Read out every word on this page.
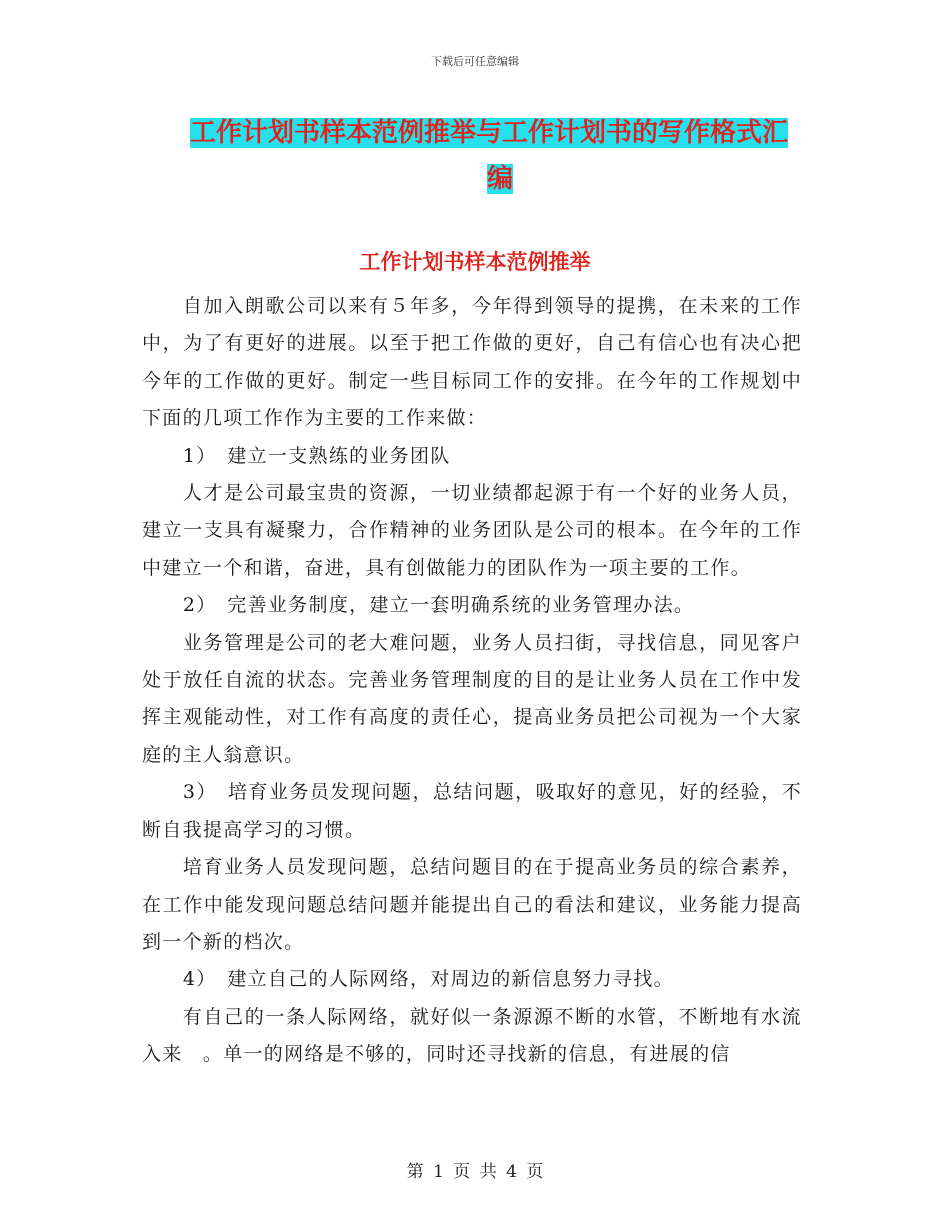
下载后可任意编辑
工作计划书样本范例推举与工作计划书的写作格式汇
编
工作计划书样本范例推举

自加入朗歌公司以来有５年多，今年得到领导的提携，在未来的工作中，为了有更好的进展。以至于把工作做的更好，自己有信心也有决心把今年的工作做的更好。制定一些目标同工作的安排。在今年的工作规划中下面的几项工作作为主要的工作来做：

1）　建立一支熟练的业务团队

人才是公司最宝贵的资源，一切业绩都起源于有一个好的业务人员，建立一支具有凝聚力，合作精神的业务团队是公司的根本。在今年的工作中建立一个和谐，奋进，具有创做能力的团队作为一项主要的工作。

2）　完善业务制度，建立一套明确系统的业务管理办法。

业务管理是公司的老大难问题，业务人员扫街，寻找信息，同见客户处于放任自流的状态。完善业务管理制度的目的是让业务人员在工作中发挥主观能动性，对工作有高度的责任心，提高业务员把公司视为一个大家庭的主人翁意识。

3）　培育业务员发现问题，总结问题，吸取好的意见，好的经验，不断自我提高学习的习惯。

培育业务人员发现问题，总结问题目的在于提高业务员的综合素养，在工作中能发现问题总结问题并能提出自己的看法和建议，业务能力提高到一个新的档次。

4）　建立自己的人际网络，对周边的新信息努力寻找。

有自己的一条人际网络，就好似一条源源不断的水管，不断地有水流入来　。单一的网络是不够的，同时还寻找新的信息，有进展的信

第 1 页 共 4 页
